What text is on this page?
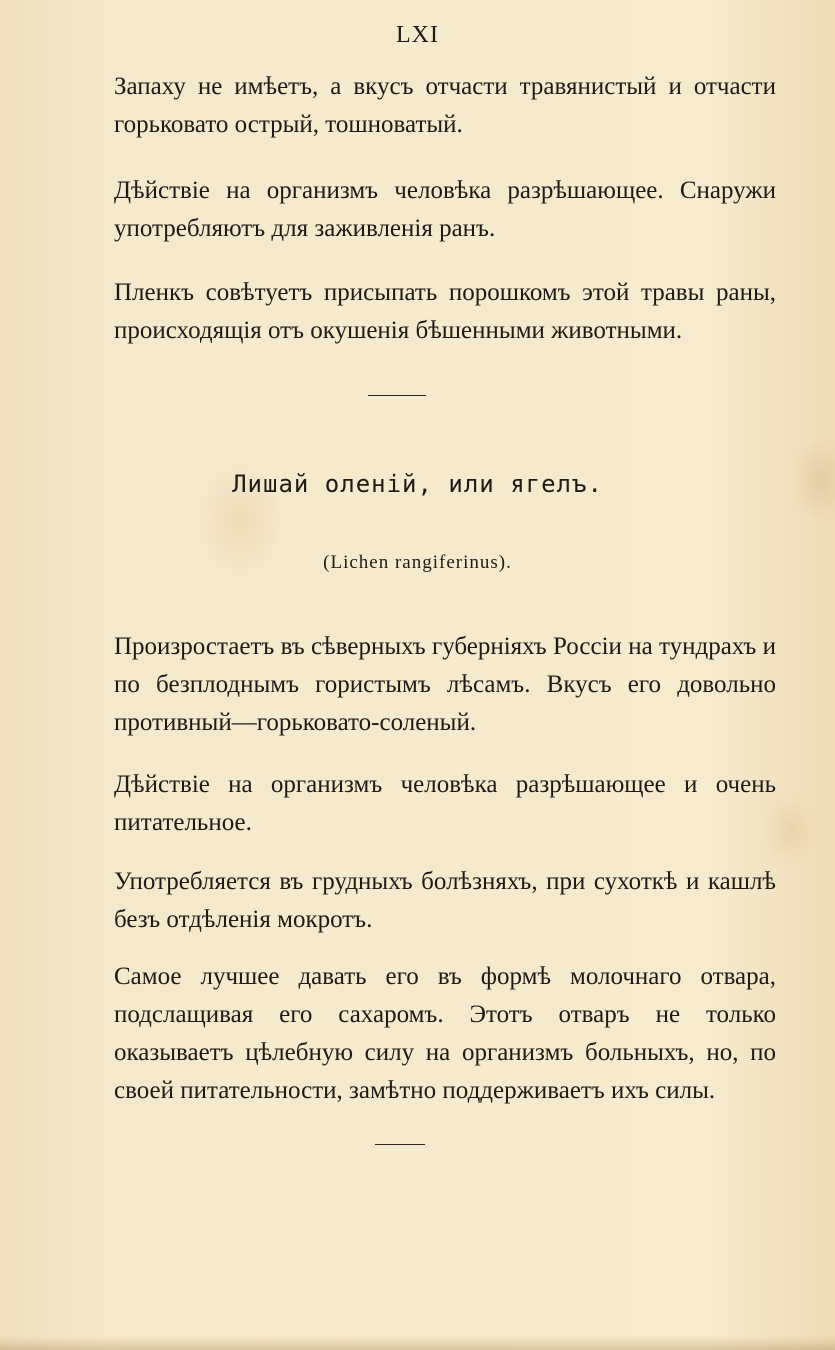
LXI

Запаху не имѣетъ, а вкусъ отчасти травянистый и отчасти горьковато острый, тошноватый.

Дѣйствіе на организмъ человѣка разрѣшающее. Снаружи употребляютъ для заживленія ранъ.

Пленкъ совѣтуетъ присыпать порошкомъ этой травы раны, происходящія отъ окушенія бѣшенными животными.

Лишай оленій, или ягелъ.
(Lichen rangiferinus).

Произростаетъ въ сѣверныхъ губерніяхъ Россіи на тундрахъ и по безплоднымъ гористымъ лѣсамъ. Вкусъ его довольно противный—горьковато-соленый.

Дѣйствіе на организмъ человѣка разрѣшающее и очень питательное.

Употребляется въ грудныхъ болѣзняхъ, при сухоткѣ и кашлѣ безъ отдѣленія мокротъ.

Самое лучшее давать его въ формѣ молочнаго отвара, подслащивая его сахаромъ. Этотъ отваръ не только оказываетъ цѣлебную силу на организмъ больныхъ, но, по своей питательности, замѣтно поддерживаетъ ихъ силы.
